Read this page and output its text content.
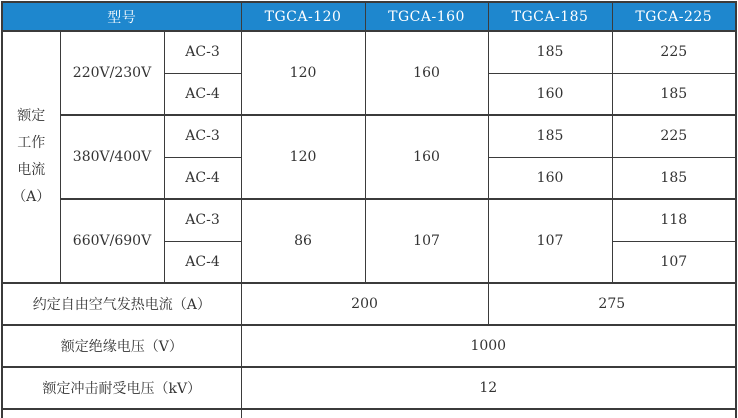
型号			TGCA-120	TGCA-160	TGCA-185	TGCA-225

额定
工作
电流
（A）	220V/230V	AC-3	120	160	185	225
		AC-4			160	185
	380V/400V	AC-3	120	160	185	225
		AC-4			160	185
	660V/690V	AC-3	86	107	107	118
		AC-4				107
约定自由空气发热电流（A）			200		275	
额定绝缘电压（V）			1000			
额定冲击耐受电压（kV）			12			
